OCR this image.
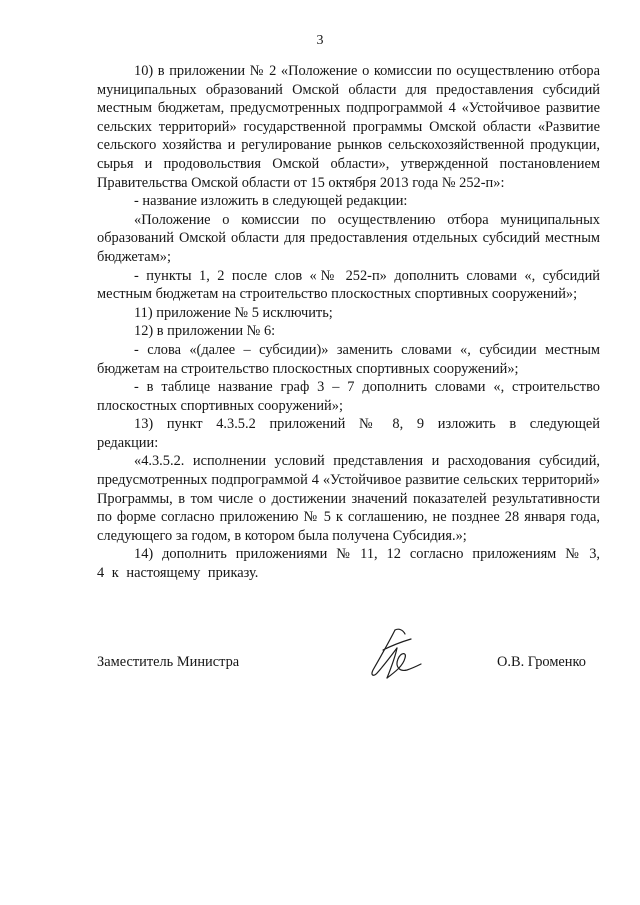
3

10) в приложении № 2 «Положение о комиссии по осуществлению отбора муниципальных образований Омской области для предоставления субсидий местным бюджетам, предусмотренных подпрограммой 4 «Устойчивое развитие сельских территорий» государственной программы Омской области «Развитие сельского хозяйства и регулирование рынков сельскохозяйственной продукции, сырья и продовольствия Омской области», утвержденной постановлением Правительства Омской области от 15 октября 2013 года № 252-п»:

- название изложить в следующей редакции:

«Положение о комиссии по осуществлению отбора муниципальных образований Омской области для предоставления отдельных субсидий местным бюджетам»;

- пункты 1, 2 после слов «№ 252-п» дополнить словами «, субсидий местным бюджетам на строительство плоскостных спортивных сооружений»;

11) приложение № 5 исключить;

12) в приложении № 6:

- слова «(далее – субсидии)» заменить словами «, субсидии местным бюджетам на строительство плоскостных спортивных сооружений»;

- в таблице название граф 3 – 7 дополнить словами «, строительство плоскостных спортивных сооружений»;

13) пункт 4.3.5.2 приложений № 8, 9 изложить в следующей редакции:

«4.3.5.2. исполнении условий представления и расходования субсидий, предусмотренных подпрограммой 4 «Устойчивое развитие сельских территорий» Программы, в том числе о достижении значений показателей результативности по форме согласно приложению № 5 к соглашению, не позднее 28 января года, следующего за годом, в котором была получена Субсидия.»;

14) дополнить приложениями № 11, 12 согласно приложениям № 3, 4 к настоящему приказу.

Заместитель Министра	О.В. Громенко
